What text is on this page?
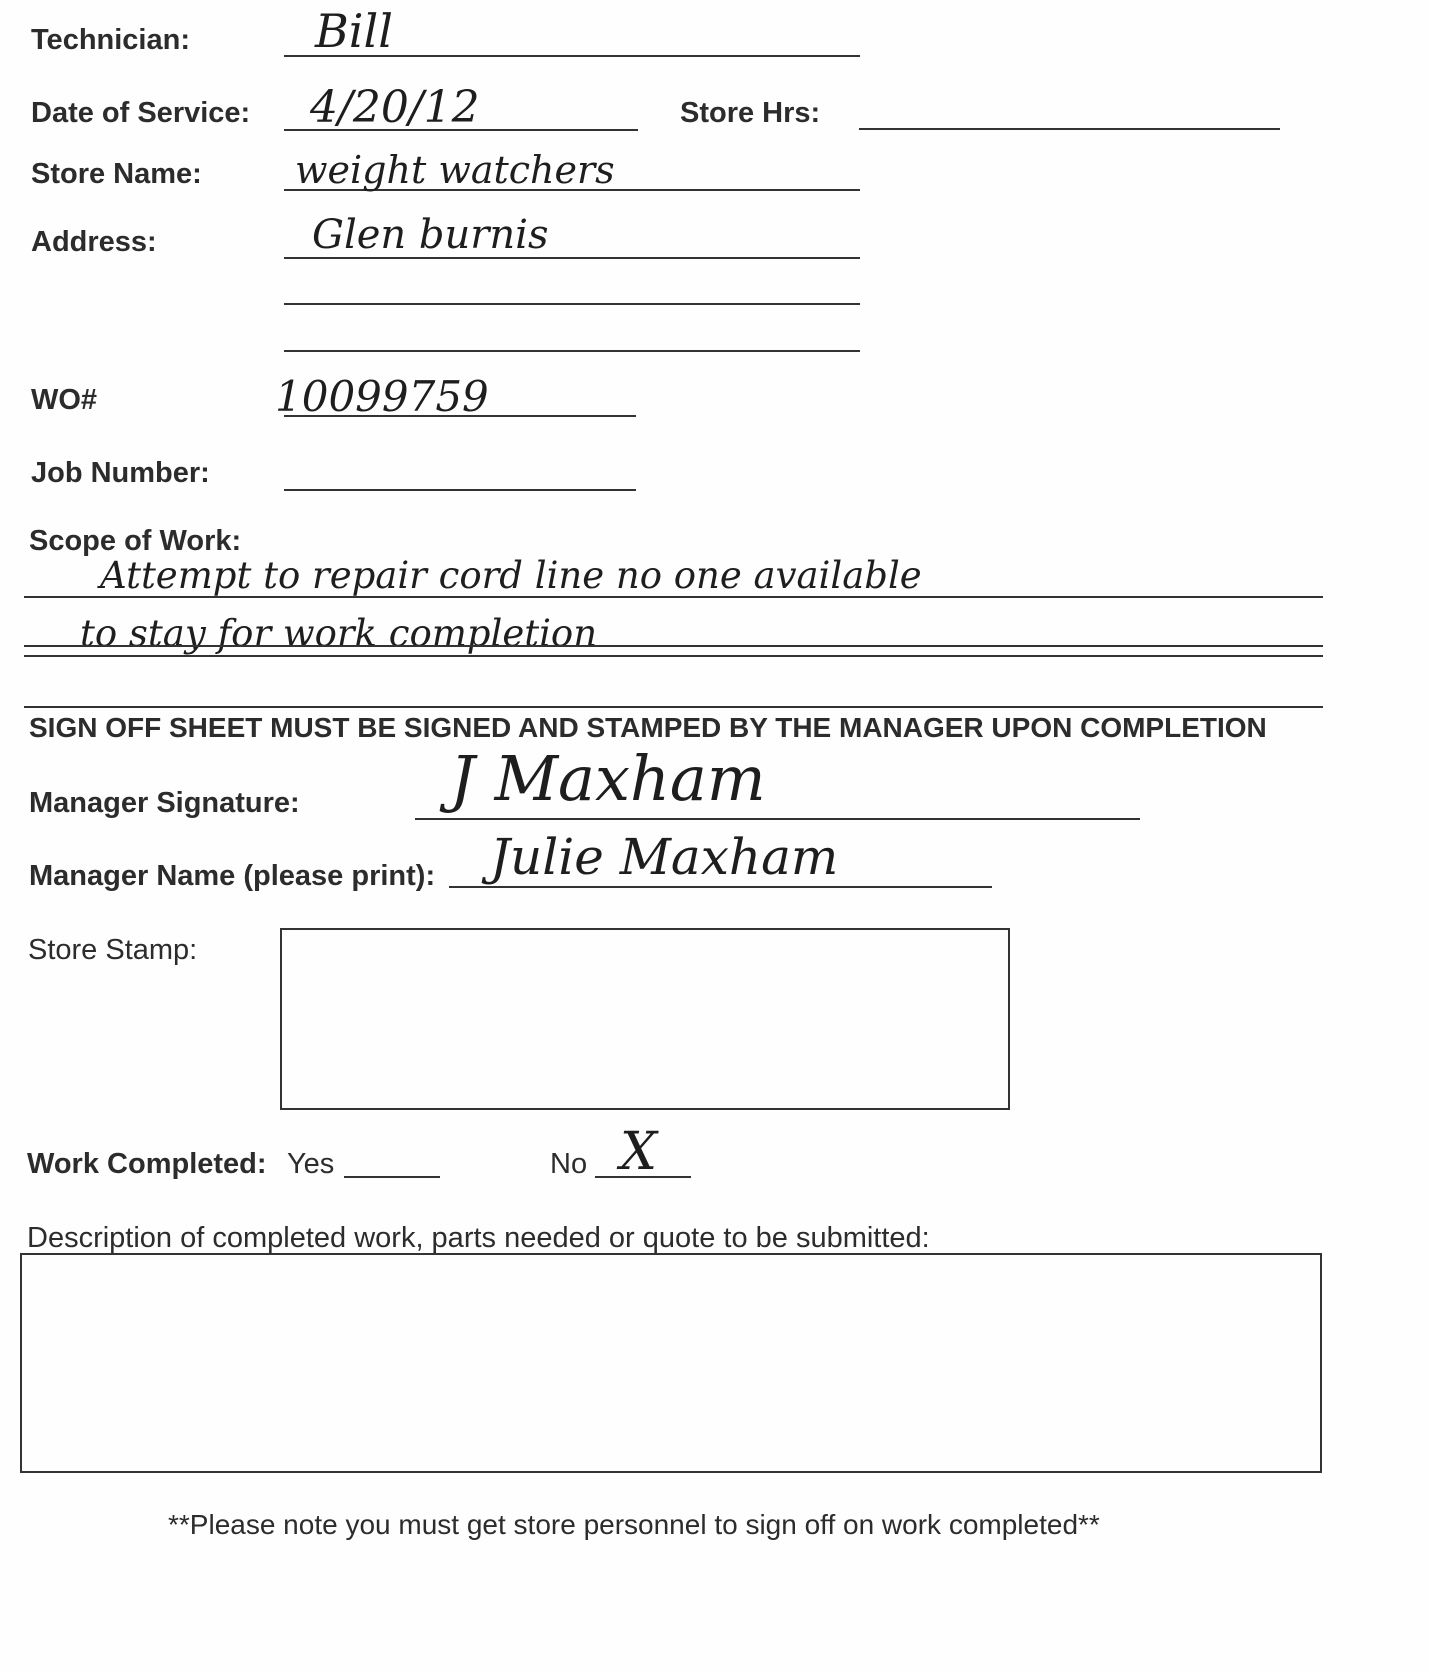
Technician:	Bill
Date of Service: 4/20/12	Store Hrs:
Store Name: weight watchers
Address:	Glen burnis
WO#	10099759
Job Number:
Scope of Work:
Attempt to repair cord line no one available
to stay for work completion
SIGN OFF SHEET MUST BE SIGNED AND STAMPED BY THE MANAGER UPON COMPLETION
Manager Signature: J Maxham
Manager Name (please print): Julie Maxham
Store Stamp:
Work Completed: Yes	No X
Description of completed work, parts needed or quote to be submitted:
**Please note you must get store personnel to sign off on work completed**
